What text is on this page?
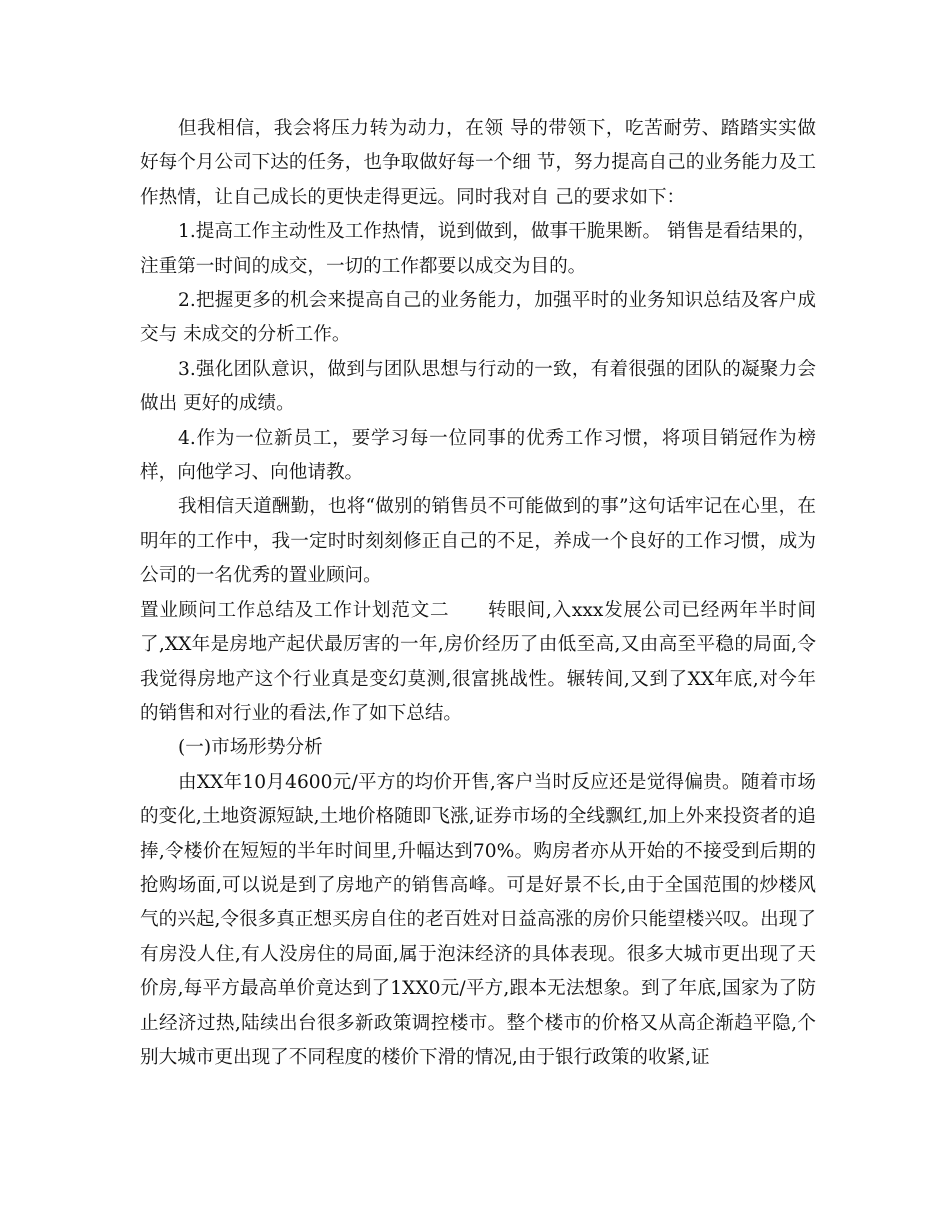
但我相信，我会将压力转为动力，在领 导的带领下，吃苦耐劳、踏踏实实做好每个月公司下达的任务，也争取做好每一个细 节，努力提高自己的业务能力及工作热情，让自己成长的更快走得更远。同时我对自 己的要求如下：

1.提高工作主动性及工作热情，说到做到，做事干脆果断。 销售是看结果的，注重第一时间的成交，一切的工作都要以成交为目的。

2.把握更多的机会来提高自己的业务能力，加强平时的业务知识总结及客户成交与 未成交的分析工作。

3.强化团队意识，做到与团队思想与行动的一致，有着很强的团队的凝聚力会做出 更好的成绩。

4.作为一位新员工，要学习每一位同事的优秀工作习惯，将项目销冠作为榜样，向他学习、向他请教。

我相信天道酬勤，也将“做别的销售员不可能做到的事”这句话牢记在心里，在明年的工作中，我一定时时刻刻修正自己的不足，养成一个良好的工作习惯，成为 公司的一名优秀的置业顾问。

置业顾问工作总结及工作计划范文二　　转眼间,入xxx发展公司已经两年半时间了,XX年是房地产起伏最厉害的一年,房价经历了由低至高,又由高至平稳的局面,令我觉得房地产这个行业真是变幻莫测,很富挑战性。辗转间,又到了XX年底,对今年的销售和对行业的看法,作了如下总结。

(一)市场形势分析

由XX年10月4600元/平方的均价开售,客户当时反应还是觉得偏贵。随着市场的变化,土地资源短缺,土地价格随即飞涨,证券市场的全线飘红,加上外来投资者的追捧,令楼价在短短的半年时间里,升幅达到70%。购房者亦从开始的不接受到后期的抢购场面,可以说是到了房地产的销售高峰。可是好景不长,由于全国范围的炒楼风气的兴起,令很多真正想买房自住的老百姓对日益高涨的房价只能望楼兴叹。出现了有房没人住,有人没房住的局面,属于泡沫经济的具体表现。很多大城市更出现了天价房,每平方最高单价竟达到了1XX0元/平方,跟本无法想象。到了年底,国家为了防止经济过热,陆续出台很多新政策调控楼市。整个楼市的价格又从高企渐趋平隐,个别大城市更出现了不同程度的楼价下滑的情况,由于银行政策的收紧,证
